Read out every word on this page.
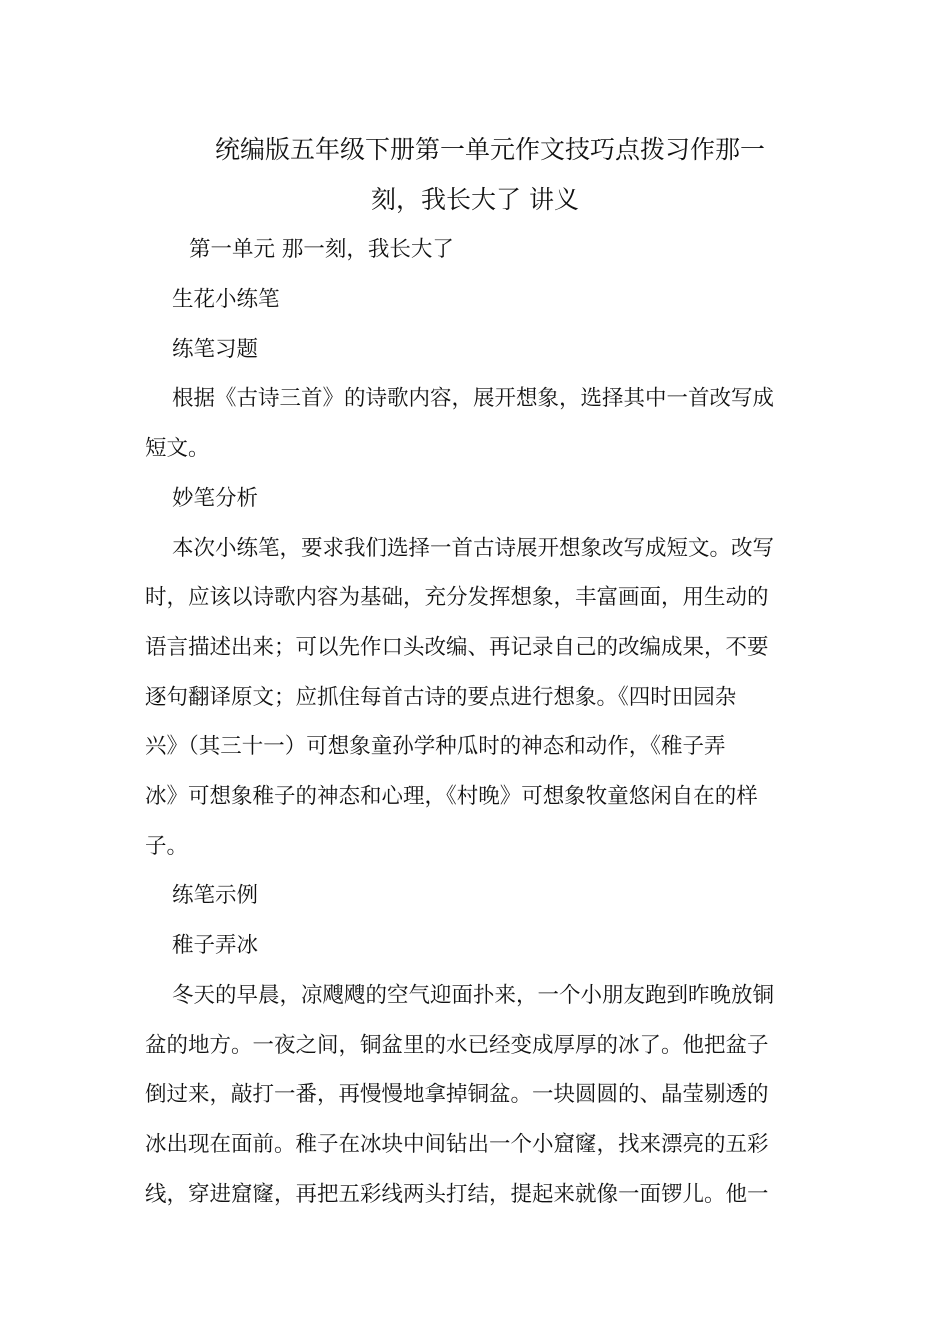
统编版五年级下册第一单元作文技巧点拨习作那一
刻，我长大了 讲义
第一单元 那一刻，我长大了
生花小练笔
练笔习题
根据《古诗三首》的诗歌内容，展开想象，选择其中一首改写成
短文。
妙笔分析
本次小练笔，要求我们选择一首古诗展开想象改写成短文。改写
时，应该以诗歌内容为基础，充分发挥想象，丰富画面，用生动的
语言描述出来；可以先作口头改编、再记录自己的改编成果，不要
逐句翻译原文；应抓住每首古诗的要点进行想象。《四时田园杂
兴》（其三十一）可想象童孙学种瓜时的神态和动作，《稚子弄
冰》可想象稚子的神态和心理，《村晚》可想象牧童悠闲自在的样
子。
练笔示例
稚子弄冰
冬天的早晨，凉飕飕的空气迎面扑来，一个小朋友跑到昨晚放铜
盆的地方。一夜之间，铜盆里的水已经变成厚厚的冰了。他把盆子
倒过来，敲打一番，再慢慢地拿掉铜盆。一块圆圆的、晶莹剔透的
冰出现在面前。稚子在冰块中间钻出一个小窟窿，找来漂亮的五彩
线，穿进窟窿，再把五彩线两头打结，提起来就像一面锣儿。他一
